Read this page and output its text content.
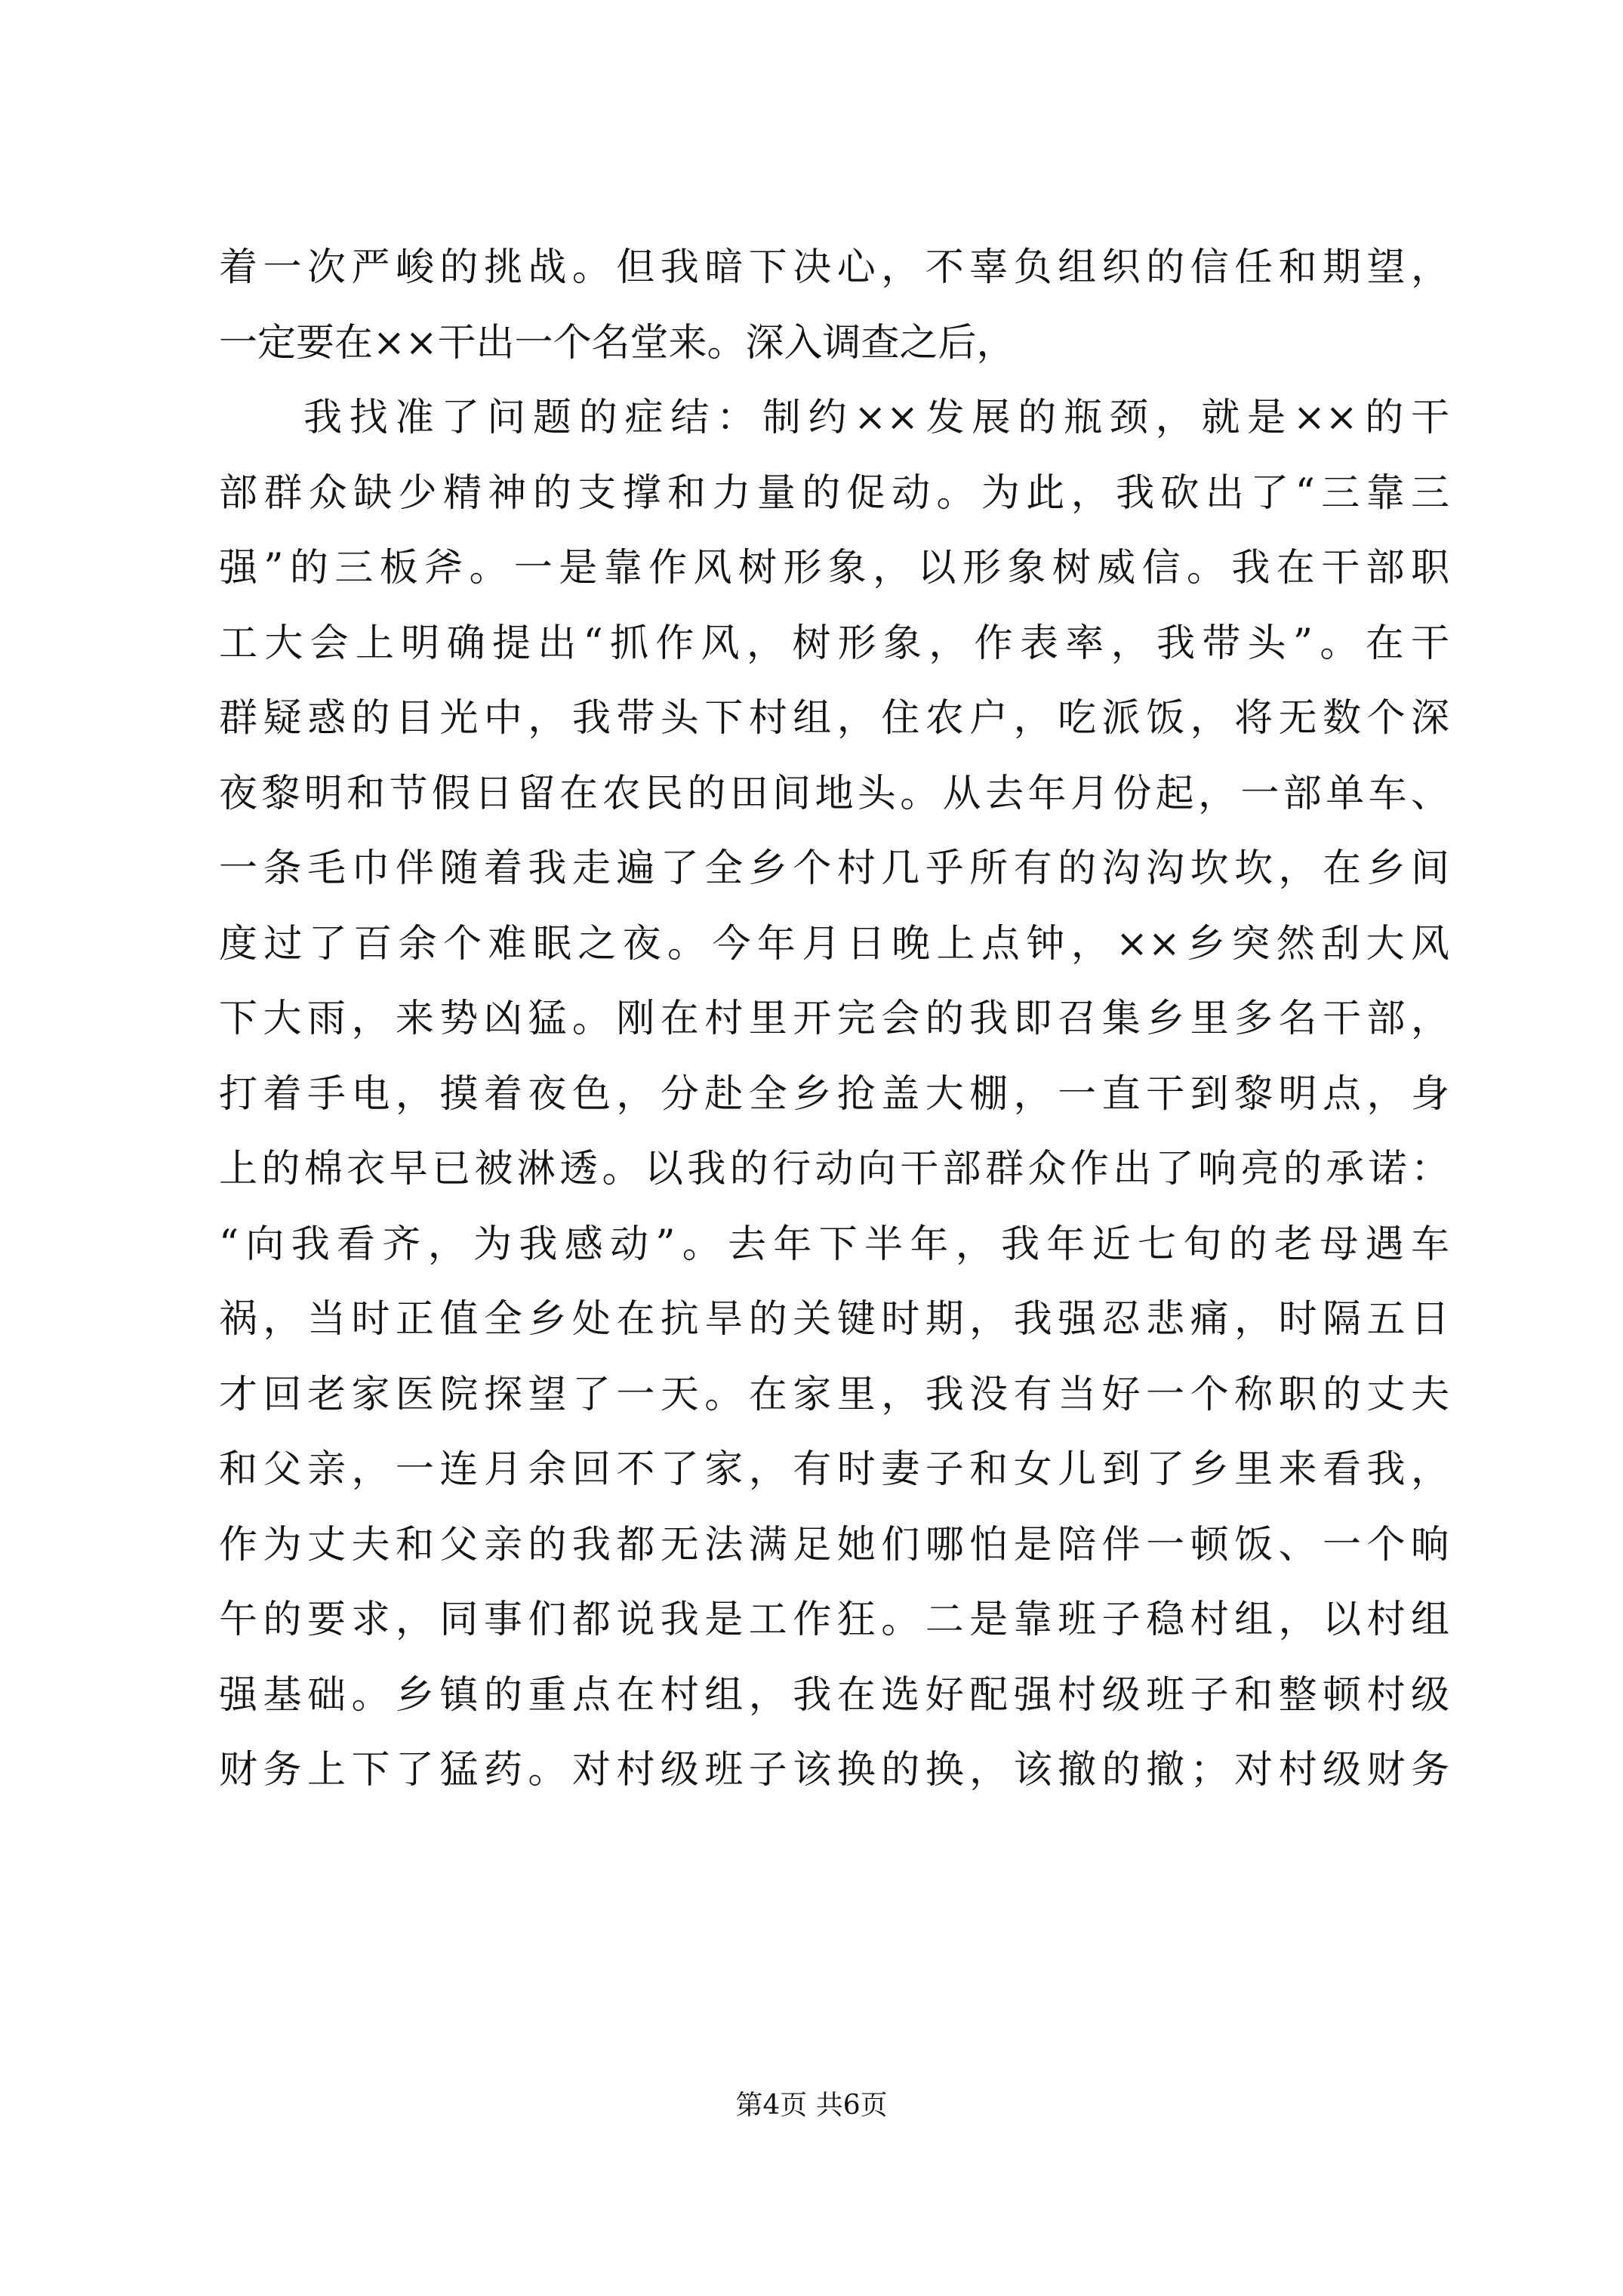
着一次严峻的挑战。但我暗下决心，不辜负组织的信任和期望，
一定要在××干出一个名堂来。深入调查之后，
我找准了问题的症结：制约××发展的瓶颈，就是××的干
部群众缺少精神的支撑和力量的促动。为此，我砍出了“三靠三
强”的三板斧。一是靠作风树形象，以形象树威信。我在干部职
工大会上明确提出“抓作风，树形象，作表率，我带头”。在干
群疑惑的目光中，我带头下村组，住农户，吃派饭，将无数个深
夜黎明和节假日留在农民的田间地头。从去年月份起，一部单车、
一条毛巾伴随着我走遍了全乡个村几乎所有的沟沟坎坎，在乡间
度过了百余个难眠之夜。今年月日晚上点钟，××乡突然刮大风
下大雨，来势凶猛。刚在村里开完会的我即召集乡里多名干部，
打着手电，摸着夜色，分赴全乡抢盖大棚，一直干到黎明点，身
上的棉衣早已被淋透。以我的行动向干部群众作出了响亮的承诺：
“向我看齐，为我感动”。去年下半年，我年近七旬的老母遇车
祸，当时正值全乡处在抗旱的关键时期，我强忍悲痛，时隔五日
才回老家医院探望了一天。在家里，我没有当好一个称职的丈夫
和父亲，一连月余回不了家，有时妻子和女儿到了乡里来看我，
作为丈夫和父亲的我都无法满足她们哪怕是陪伴一顿饭、一个晌
午的要求，同事们都说我是工作狂。二是靠班子稳村组，以村组
强基础。乡镇的重点在村组，我在选好配强村级班子和整顿村级
财务上下了猛药。对村级班子该换的换，该撤的撤；对村级财务
第4页 共6页
